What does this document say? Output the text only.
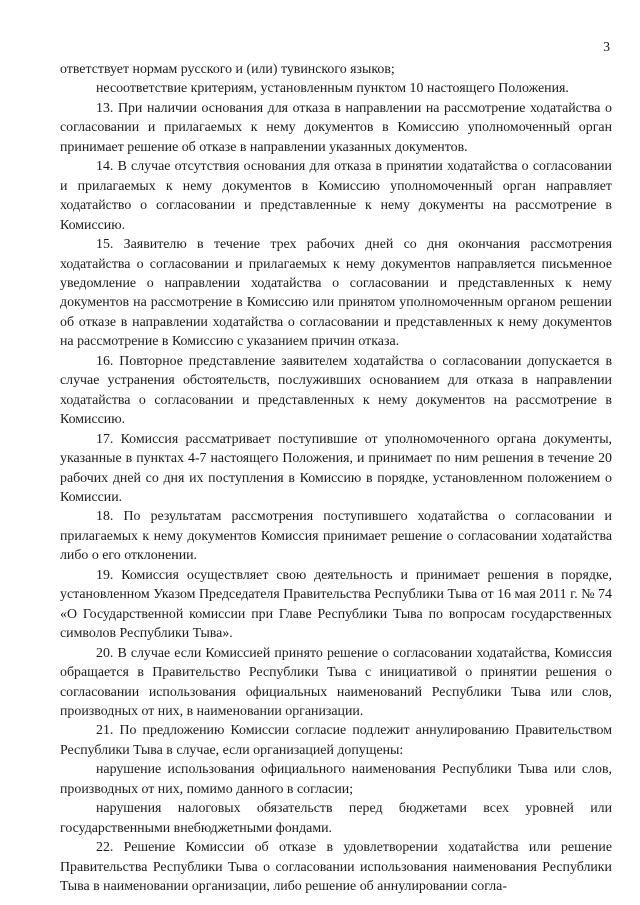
3

ответствует нормам русского и (или) тувинского языков;

несоответствие критериям, установленным пунктом 10 настоящего Положения.

13. При наличии основания для отказа в направлении на рассмотрение ходатайства о согласовании и прилагаемых к нему документов в Комиссию уполномоченный орган принимает решение об отказе в направлении указанных документов.

14. В случае отсутствия основания для отказа в принятии ходатайства о согласовании и прилагаемых к нему документов в Комиссию уполномоченный орган направляет ходатайство о согласовании и представленные к нему документы на рассмотрение в Комиссию.

15. Заявителю в течение трех рабочих дней со дня окончания рассмотрения ходатайства о согласовании и прилагаемых к нему документов направляется письменное уведомление о направлении ходатайства о согласовании и представленных к нему документов на рассмотрение в Комиссию или принятом уполномоченным органом решении об отказе в направлении ходатайства о согласовании и представленных к нему документов на рассмотрение в Комиссию с указанием причин отказа.

16. Повторное представление заявителем ходатайства о согласовании допускается в случае устранения обстоятельств, послуживших основанием для отказа в направлении ходатайства о согласовании и представленных к нему документов на рассмотрение в Комиссию.

17. Комиссия рассматривает поступившие от уполномоченного органа документы, указанные в пунктах 4-7 настоящего Положения, и принимает по ним решения в течение 20 рабочих дней со дня их поступления в Комиссию в порядке, установленном положением о Комиссии.

18. По результатам рассмотрения поступившего ходатайства о согласовании и прилагаемых к нему документов Комиссия принимает решение о согласовании ходатайства либо о его отклонении.

19. Комиссия осуществляет свою деятельность и принимает решения в порядке, установленном Указом Председателя Правительства Республики Тыва от 16 мая 2011 г. № 74 «О Государственной комиссии при Главе Республики Тыва по вопросам государственных символов Республики Тыва».

20. В случае если Комиссией принято решение о согласовании ходатайства, Комиссия обращается в Правительство Республики Тыва с инициативой о принятии решения о согласовании использования официальных наименований Республики Тыва или слов, производных от них, в наименовании организации.

21. По предложению Комиссии согласие подлежит аннулированию Правительством Республики Тыва в случае, если организацией допущены:

нарушение использования официального наименования Республики Тыва или слов, производных от них, помимо данного в согласии;

нарушения налоговых обязательств перед бюджетами всех уровней или государственными внебюджетными фондами.

22. Решение Комиссии об отказе в удовлетворении ходатайства или решение Правительства Республики Тыва о согласовании использования наименования Республики Тыва в наименовании организации, либо решение об аннулировании согла-
